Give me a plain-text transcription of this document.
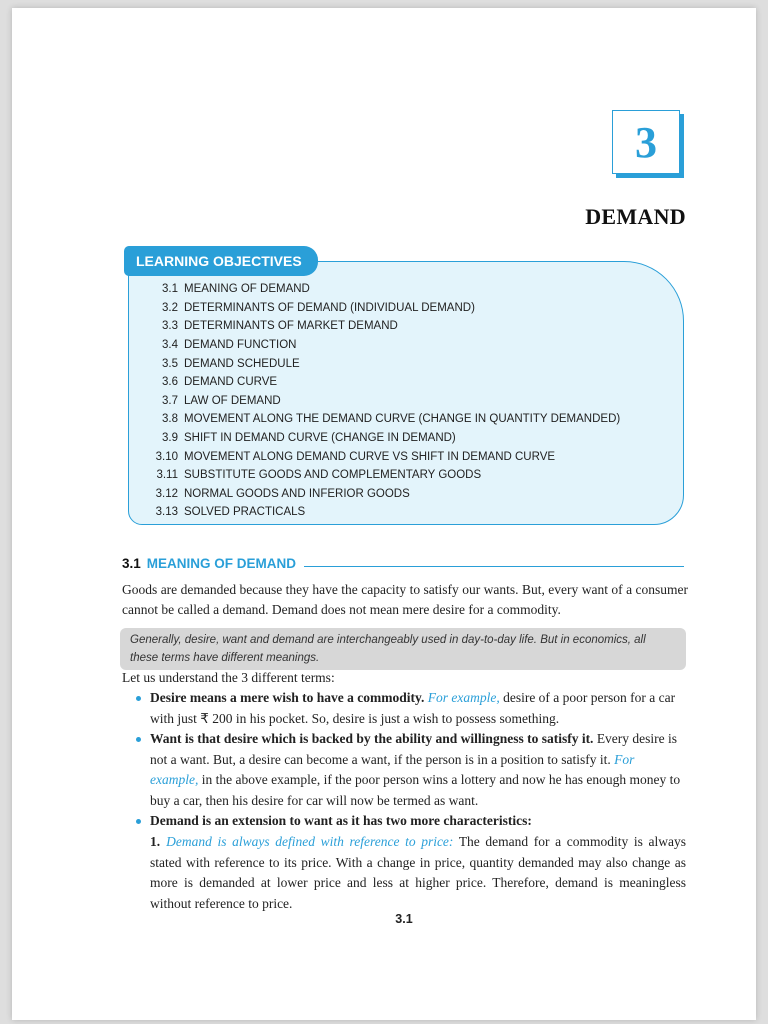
3
DEMAND
LEARNING OBJECTIVES
3.1 MEANING OF DEMAND
3.2 DETERMINANTS OF DEMAND (INDIVIDUAL DEMAND)
3.3 DETERMINANTS OF MARKET DEMAND
3.4 DEMAND FUNCTION
3.5 DEMAND SCHEDULE
3.6 DEMAND CURVE
3.7 LAW OF DEMAND
3.8 MOVEMENT ALONG THE DEMAND CURVE (CHANGE IN QUANTITY DEMANDED)
3.9 SHIFT IN DEMAND CURVE (CHANGE IN DEMAND)
3.10 MOVEMENT ALONG DEMAND CURVE VS SHIFT IN DEMAND CURVE
3.11 SUBSTITUTE GOODS AND COMPLEMENTARY GOODS
3.12 NORMAL GOODS AND INFERIOR GOODS
3.13 SOLVED PRACTICALS
3.1 MEANING OF DEMAND
Goods are demanded because they have the capacity to satisfy our wants. But, every want of a consumer cannot be called a demand. Demand does not mean mere desire for a commodity.
Generally, desire, want and demand are interchangeably used in day-to-day life. But in economics, all these terms have different meanings.
Let us understand the 3 different terms:
Desire means a mere wish to have a commodity. For example, desire of a poor person for a car with just ₹ 200 in his pocket. So, desire is just a wish to possess something.
Want is that desire which is backed by the ability and willingness to satisfy it. Every desire is not a want. But, a desire can become a want, if the person is in a position to satisfy it. For example, in the above example, if the poor person wins a lottery and now he has enough money to buy a car, then his desire for car will now be termed as want.
Demand is an extension to want as it has two more characteristics:
1. Demand is always defined with reference to price: The demand for a commodity is always stated with reference to its price. With a change in price, quantity demanded may also change as more is demanded at lower price and less at higher price. Therefore, demand is meaningless without reference to price.
3.1
